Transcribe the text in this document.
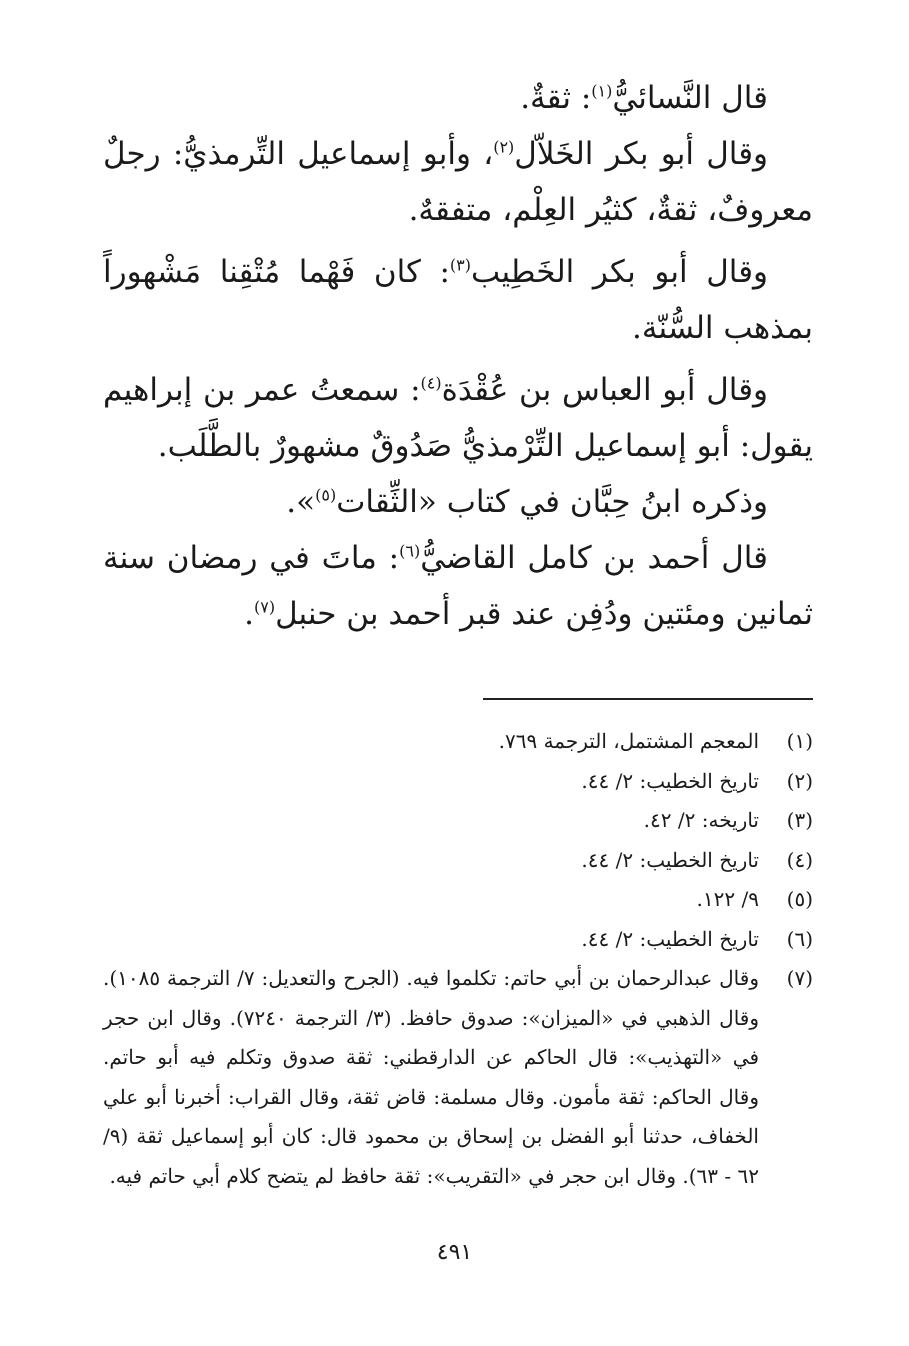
قال النَّسائيُّ$^{(١)}$: ثقةٌ.

وقال أبو بكر الخَلاّل$^{(٢)}$، وأبو إسماعيل التِّرمذيُّ: رجلٌ معروفٌ، ثقةٌ، كثيُر العِلْم، متفقهٌ.

وقال أبو بكر الخَطِيب$^{(٣)}$: كان فَهْما مُتْقِنا مَشْهوراً بمذهب السُّنّة.

وقال أبو العباس بن عُقْدَة$^{(٤)}$: سمعتُ عمر بن إبراهيم يقول: أبو إسماعيل التِّرْمذيُّ صَدُوقٌ مشهورٌ بالطَّلَب.

وذكره ابنُ حِبَّان في كتاب «الثِّقات$^{(٥)}$».

قال أحمد بن كامل القاضيُّ$^{(٦)}$: ماتَ في رمضان سنة ثمانين ومئتين ودُفِن عند قبر أحمد بن حنبل$^{(٧)}$.

(١)
المعجم المشتمل، الترجمة ٧٦٩.
(٢)
تاريخ الخطيب: ٢/ ٤٤.
(٣)
تاريخه: ٢/ ٤٢.
(٤)
تاريخ الخطيب: ٢/ ٤٤.
(٥)
٩/ ١٢٢.
(٦)
تاريخ الخطيب: ٢/ ٤٤.
(٧)
وقال عبدالرحمان بن أبي حاتم: تكلموا فيه. (الجرح والتعديل: ٧/ الترجمة ١٠٨٥). وقال الذهبي في «الميزان»: صدوق حافظ. (٣/ الترجمة ٧٢٤٠). وقال ابن حجر في «التهذيب»: قال الحاكم عن الدارقطني: ثقة صدوق وتكلم فيه أبو حاتم. وقال الحاكم: ثقة مأمون. وقال مسلمة: قاض ثقة، وقال القراب: أخبرنا أبو علي الخفاف، حدثنا أبو الفضل بن إسحاق بن محمود قال: كان أبو إسماعيل ثقة (٩/ ٦٢ - ٦٣). وقال ابن حجر في «التقريب»: ثقة حافظ لم يتضح كلام أبي حاتم فيه.
٤٩١
